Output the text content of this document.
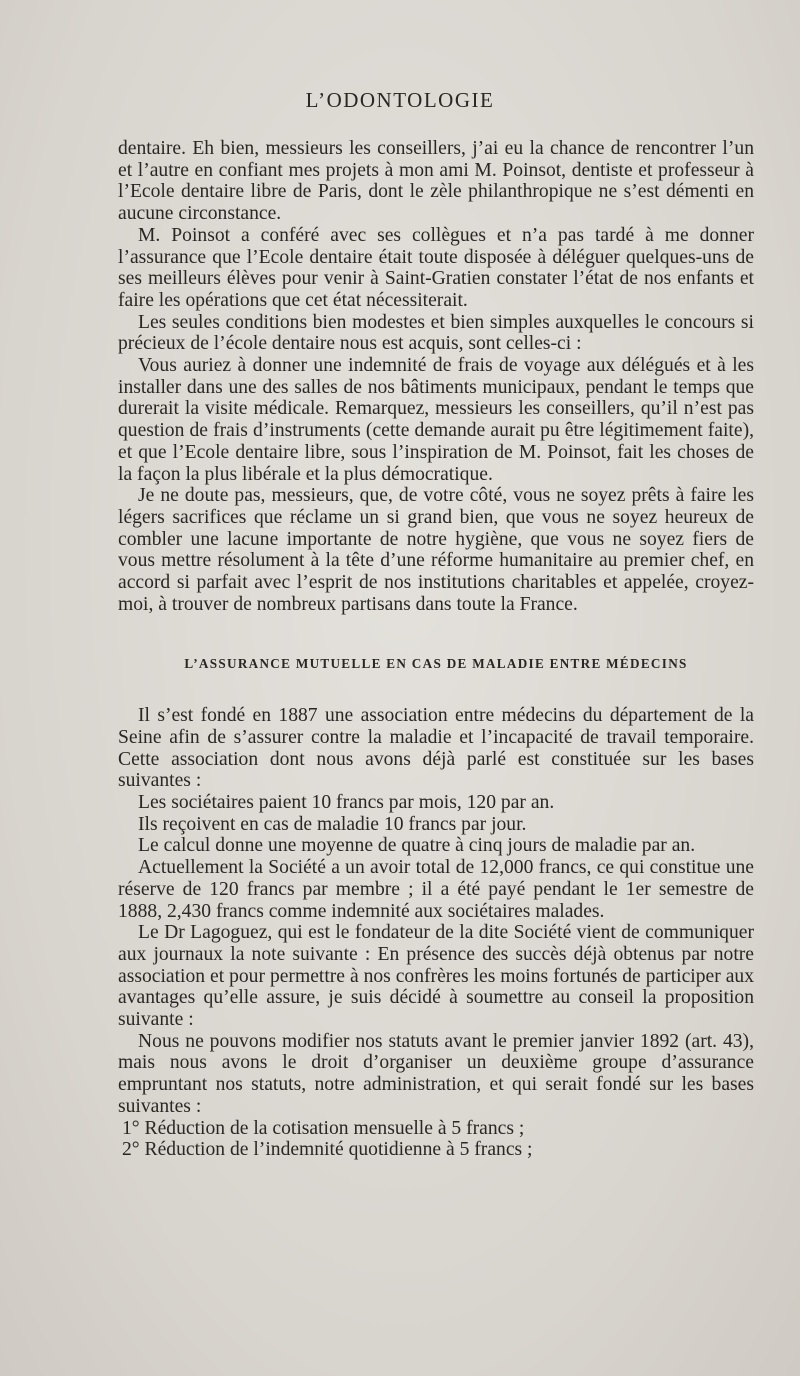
L’ODONTOLOGIE

dentaire. Eh bien, messieurs les conseillers, j’ai eu la chance de rencontrer l’un et l’autre en confiant mes projets à mon ami M. Poinsot, dentiste et professeur à l’Ecole dentaire libre de Paris, dont le zèle philanthropique ne s’est démenti en aucune circonstance.

M. Poinsot a conféré avec ses collègues et n’a pas tardé à me donner l’assurance que l’Ecole dentaire était toute disposée à déléguer quelques-uns de ses meilleurs élèves pour venir à Saint-Gratien constater l’état de nos enfants et faire les opérations que cet état nécessiterait.

Les seules conditions bien modestes et bien simples auxquelles le concours si précieux de l’école dentaire nous est acquis, sont celles-ci :

Vous auriez à donner une indemnité de frais de voyage aux délégués et à les installer dans une des salles de nos bâtiments municipaux, pendant le temps que durerait la visite médicale. Remarquez, messieurs les conseillers, qu’il n’est pas question de frais d’instruments (cette demande aurait pu être légitimement faite), et que l’Ecole dentaire libre, sous l’inspiration de M. Poinsot, fait les choses de la façon la plus libérale et la plus démocratique.

Je ne doute pas, messieurs, que, de votre côté, vous ne soyez prêts à faire les légers sacrifices que réclame un si grand bien, que vous ne soyez heureux de combler une lacune importante de notre hygiène, que vous ne soyez fiers de vous mettre résolument à la tête d’une réforme humanitaire au premier chef, en accord si parfait avec l’esprit de nos institutions charitables et appelée, croyez-moi, à trouver de nombreux partisans dans toute la France.

L’ASSURANCE MUTUELLE EN CAS DE MALADIE ENTRE MÉDECINS

Il s’est fondé en 1887 une association entre médecins du département de la Seine afin de s’assurer contre la maladie et l’incapacité de travail temporaire. Cette association dont nous avons déjà parlé est constituée sur les bases suivantes :

Les sociétaires paient 10 francs par mois, 120 par an.

Ils reçoivent en cas de maladie 10 francs par jour.

Le calcul donne une moyenne de quatre à cinq jours de maladie par an.

Actuellement la Société a un avoir total de 12,000 francs, ce qui constitue une réserve de 120 francs par membre ; il a été payé pendant le 1er semestre de 1888, 2,430 francs comme indemnité aux sociétaires malades.

Le Dr Lagoguez, qui est le fondateur de la dite Société vient de communiquer aux journaux la note suivante : En présence des succès déjà obtenus par notre association et pour permettre à nos confrères les moins fortunés de participer aux avantages qu’elle assure, je suis décidé à soumettre au conseil la proposition suivante :

Nous ne pouvons modifier nos statuts avant le premier janvier 1892 (art. 43), mais nous avons le droit d’organiser un deuxième groupe d’assurance empruntant nos statuts, notre administration, et qui serait fondé sur les bases suivantes :

1° Réduction de la cotisation mensuelle à 5 francs ;

2° Réduction de l’indemnité quotidienne à 5 francs ;
